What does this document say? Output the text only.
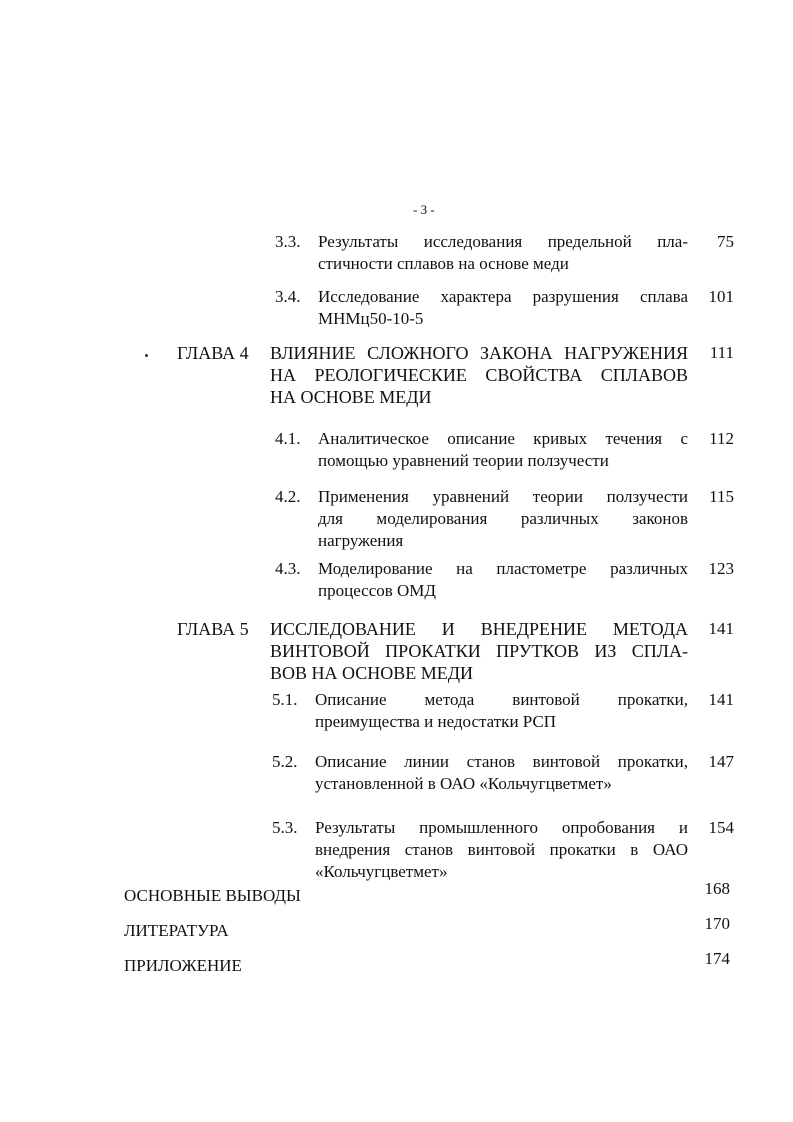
- 3 -
3.3. Результаты исследования предельной пла-
стичности сплавов на основе меди
75
3.4. Исследование характера разрушения сплава
МНМц50-10-5
101
ГЛАВА 4 ВЛИЯНИЕ СЛОЖНОГО ЗАКОНА НАГРУЖЕНИЯ
НА РЕОЛОГИЧЕСКИЕ СВОЙСТВА СПЛАВОВ
НА ОСНОВЕ МЕДИ
111
4.1. Аналитическое описание кривых течения с
помощью уравнений теории ползучести
112
4.2. Применения уравнений теории ползучести
для моделирования различных законов
нагружения
115
4.3. Моделирование на пластометре различных
процессов ОМД
123
ГЛАВА 5 ИССЛЕДОВАНИЕ И ВНЕДРЕНИЕ МЕТОДА
ВИНТОВОЙ ПРОКАТКИ ПРУТКОВ ИЗ СПЛА-
ВОВ НА ОСНОВЕ МЕДИ
141
5.1. Описание метода винтовой прокатки,
преимущества и недостатки РСП
141
5.2. Описание линии станов винтовой прокатки,
установленной в ОАО «Кольчугцветмет»
147
5.3. Результаты промышленного опробования и
внедрения станов винтовой прокатки в ОАО
«Кольчугцветмет»
154
ОСНОВНЫЕ ВЫВОДЫ	168
ЛИТЕРАТУРА	170
ПРИЛОЖЕНИЕ	174
